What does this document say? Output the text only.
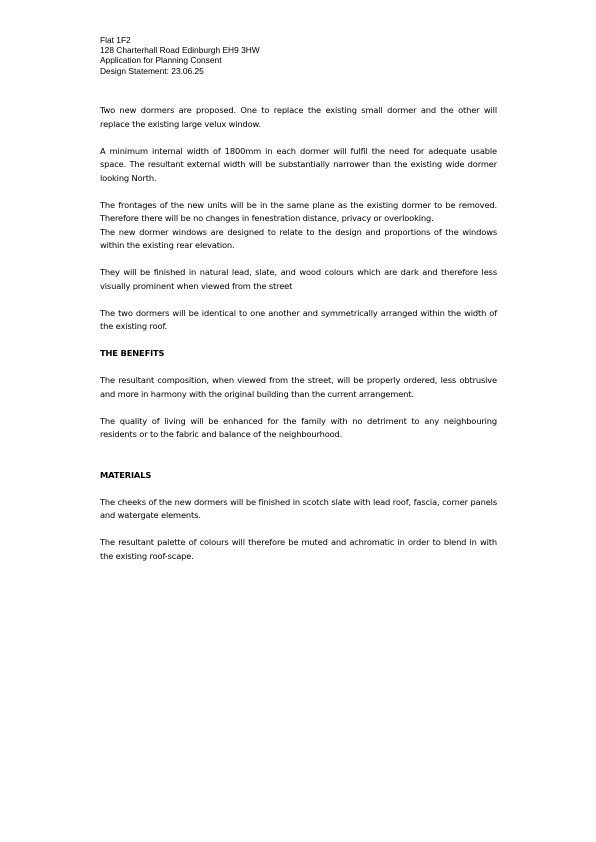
Flat 1F2
128 Charterhall Road Edinburgh EH9 3HW
Application for Planning Consent
Design Statement: 23.06.25

Two new dormers are proposed. One to replace the existing small dormer and the other will replace the existing large velux window.

A minimum internal width of 1800mm in each dormer will fulfil the need for adequate usable space. The resultant external width will be substantially narrower than the existing wide dormer looking North.

The frontages of the new units will be in the same plane as the existing dormer to be removed. Therefore there will be no changes in fenestration distance, privacy or overlooking.

The new dormer windows are designed to relate to the design and proportions of the windows within the existing rear elevation.

They will be finished in natural lead, slate, and wood colours which are dark and therefore less visually prominent when viewed from the street

The two dormers will be identical to one another and symmetrically arranged within the width of the existing roof.

THE BENEFITS

The resultant composition, when viewed from the street, will be properly ordered, less obtrusive and more in harmony with the original building than the current arrangement.

The quality of living will be enhanced for the family with no detriment to any neighbouring residents or to the fabric and balance of the neighbourhood.

MATERIALS

The cheeks of the new dormers will be finished in scotch slate with lead roof, fascia, corner panels and watergate elements.

The resultant palette of colours will therefore be muted and achromatic in order to blend in with the existing roof-scape.
